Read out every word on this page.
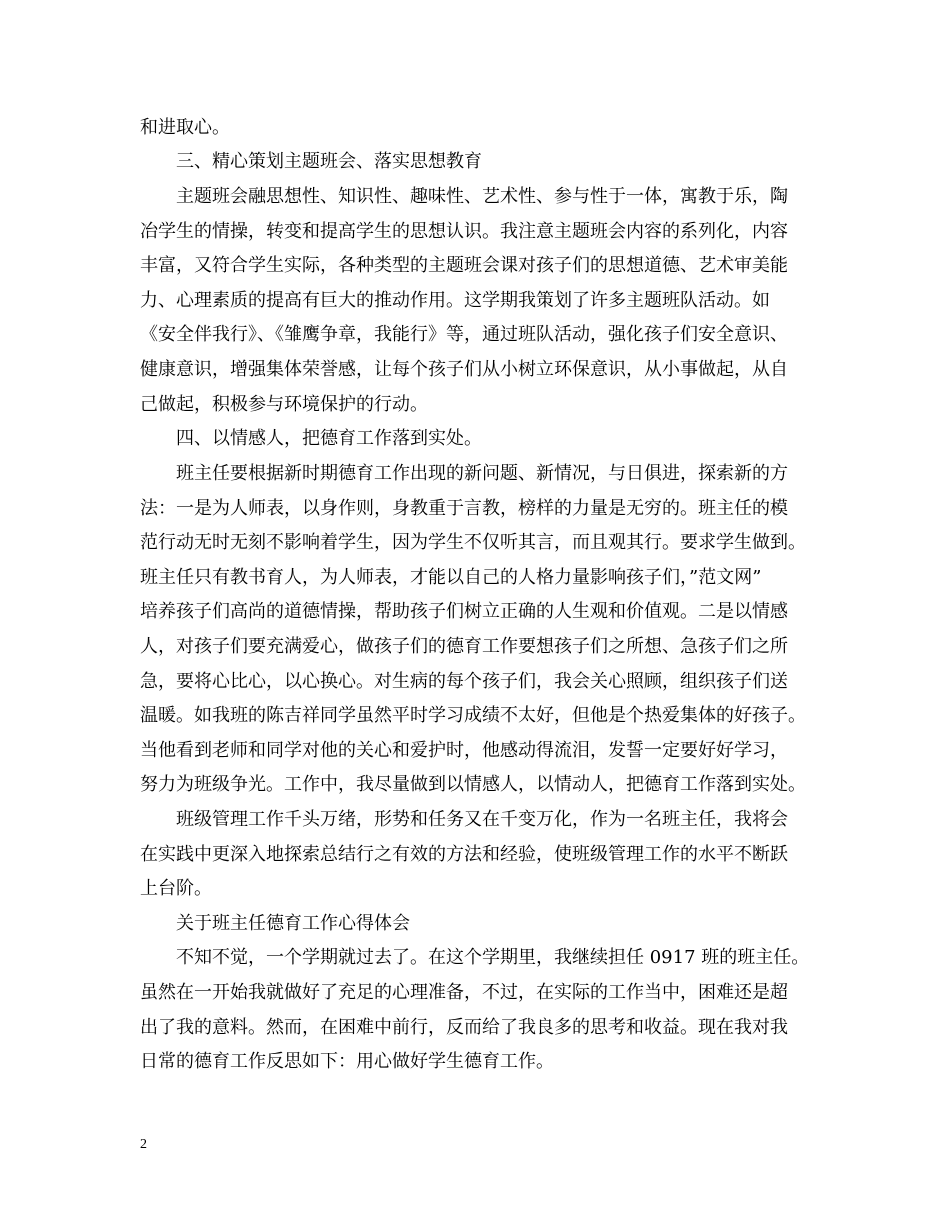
和进取心。
　　三、精心策划主题班会、落实思想教育
　　主题班会融思想性、知识性、趣味性、艺术性、参与性于一体，寓教于乐，陶
冶学生的情操，转变和提高学生的思想认识。我注意主题班会内容的系列化，内容
丰富，又符合学生实际，各种类型的主题班会课对孩子们的思想道德、艺术审美能
力、心理素质的提高有巨大的推动作用。这学期我策划了许多主题班队活动。如
《安全伴我行》、《雏鹰争章，我能行》等，通过班队活动，强化孩子们安全意识、
健康意识，增强集体荣誉感，让每个孩子们从小树立环保意识，从小事做起，从自
己做起，积极参与环境保护的行动。
　　四、以情感人，把德育工作落到实处。
　　班主任要根据新时期德育工作出现的新问题、新情况，与日俱进，探索新的方
法：一是为人师表，以身作则，身教重于言教，榜样的力量是无穷的。班主任的模
范行动无时无刻不影响着学生，因为学生不仅听其言，而且观其行。要求学生做到。
班主任只有教书育人，为人师表，才能以自己的人格力量影响孩子们，”范文网”
培养孩子们高尚的道德情操，帮助孩子们树立正确的人生观和价值观。二是以情感
人，对孩子们要充满爱心，做孩子们的德育工作要想孩子们之所想、急孩子们之所
急，要将心比心，以心换心。对生病的每个孩子们，我会关心照顾，组织孩子们送
温暖。如我班的陈吉祥同学虽然平时学习成绩不太好，但他是个热爱集体的好孩子。
当他看到老师和同学对他的关心和爱护时，他感动得流泪，发誓一定要好好学习，
努力为班级争光。工作中，我尽量做到以情感人，以情动人，把德育工作落到实处。
　　班级管理工作千头万绪，形势和任务又在千变万化，作为一名班主任，我将会
在实践中更深入地探索总结行之有效的方法和经验，使班级管理工作的水平不断跃
上台阶。
　　关于班主任德育工作心得体会
　　不知不觉，一个学期就过去了。在这个学期里，我继续担任 0917 班的班主任。
虽然在一开始我就做好了充足的心理准备，不过，在实际的工作当中，困难还是超
出了我的意料。然而，在困难中前行，反而给了我良多的思考和收益。现在我对我
日常的德育工作反思如下：用心做好学生德育工作。
2
